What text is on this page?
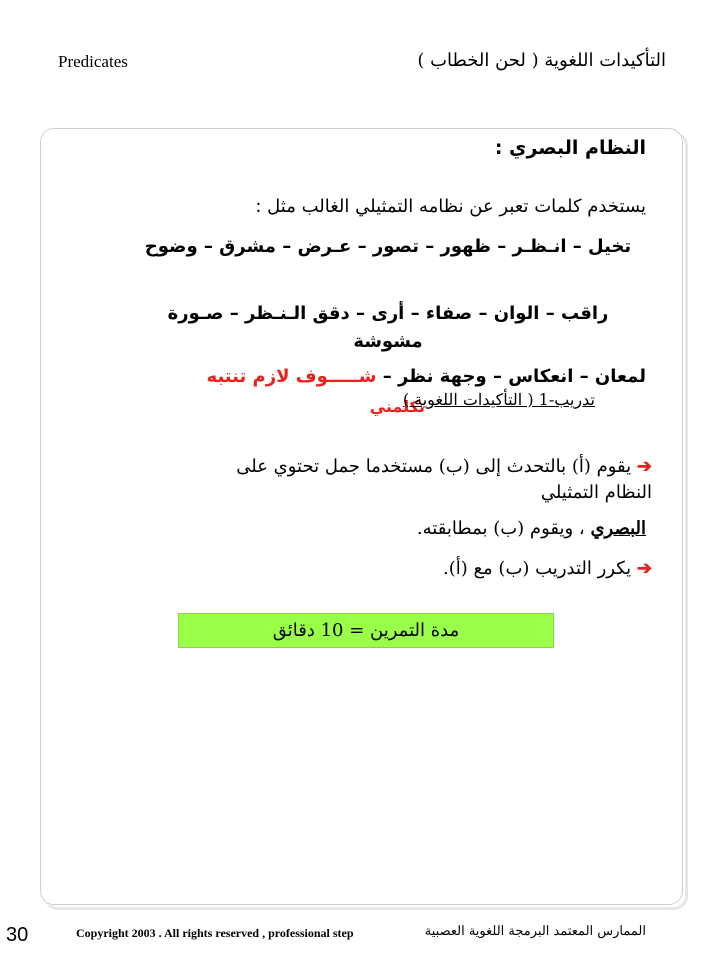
Predicates	التأكيدات اللغوية ( لحن الخطاب )
النظام البصري :
يستخدم كلمات تعبر عن نظامه التمثيلي الغالب مثل :
تخيل – انـظـر – ظهور – تصور – عـرض – مشرق – وضوح
راقب – الوان – صفاء – أرى – دقق الـنـظر – صـورة مشوشة
لمعان – انعكاس – وجهة نظر – شـــــوف لازم تنتبه
تكلمني
تدريب-1 ( التأكيدات اللغوية )
➔ يقوم (أ) بالتحدث إلى (ب) مستخدما جمل تحتوي على
النظام التمثيلي
البصري ، ويقوم (ب) بمطابقته.
➔ يكرر التدريب (ب) مع (أ).
مدة التمرين = 10 دقائق
30	Copyright 2003 . All rights reserved , professional step	الممارس المعتمد البرمجة اللغوية العصبية
